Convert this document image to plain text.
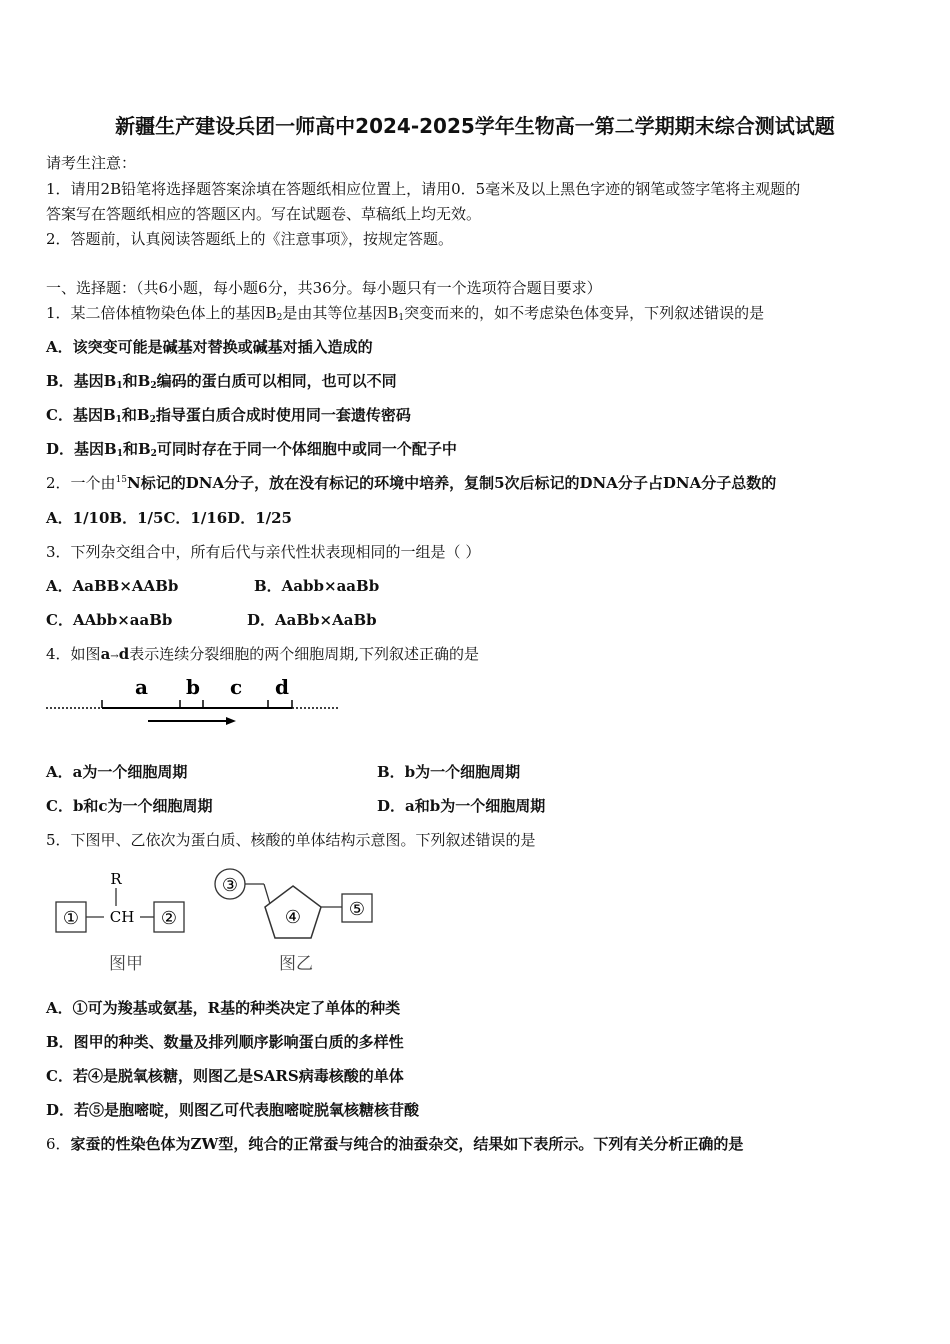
新疆生产建设兵团一师高中2024-2025学年生物高一第二学期期末综合测试试题
请考生注意：
1．请用2B铅笔将选择题答案涂填在答题纸相应位置上，请用0．5毫米及以上黑色字迹的钢笔或签字笔将主观题的
答案写在答题纸相应的答题区内。写在试题卷、草稿纸上均无效。
2．答题前，认真阅读答题纸上的《注意事项》，按规定答题。
一、选择题：（共6小题，每小题6分，共36分。每小题只有一个选项符合题目要求）
1．某二倍体植物染色体上的基因$B_2$是由其等位基因$B_1$突变而来的，如不考虑染色体变异，下列叙述错误的是
A．该突变可能是碱基对替换或碱基对插入造成的
B．基因$B_1$和$B_2$编码的蛋白质可以相同，也可以不同
C．基因$B_1$和$B_2$指导蛋白质合成时使用同一套遗传密码
D．基因$B_1$和$B_2$可同时存在于同一个体细胞中或同一个配子中
2．一个由$^{15}$N标记的DNA分子，放在没有标记的环境中培养，复制5次后标记的DNA分子占DNA分子总数的
A．1/10B．1/5C．1/16D．1/25
3．下列杂交组合中，所有后代与亲代性状表现相同的一组是（ ）
A．AaBB×AABb	B．Aabb×aaBb
C．AAbb×aaBb	D．AaBb×AaBb
4．如图a→d表示连续分裂细胞的两个细胞周期,下列叙述正确的是
a b c d
A．a为一个细胞周期	B．b为一个细胞周期
C．b和c为一个细胞周期	D．a和b为一个细胞周期
5．下图甲、乙依次为蛋白质、核酸的单体结构示意图。下列叙述错误的是
① CH
R
②
图甲
③
④	⑤
图乙
A．①可为羧基或氨基，R基的种类决定了单体的种类
B．图甲的种类、数量及排列顺序影响蛋白质的多样性
C．若④是脱氧核糖，则图乙是SARS病毒核酸的单体
D．若⑤是胞嘧啶，则图乙可代表胞嘧啶脱氧核糖核苷酸
6．家蚕的性染色体为ZW型，纯合的正常蚕与纯合的油蚕杂交，结果如下表所示。下列有关分析正确的是
